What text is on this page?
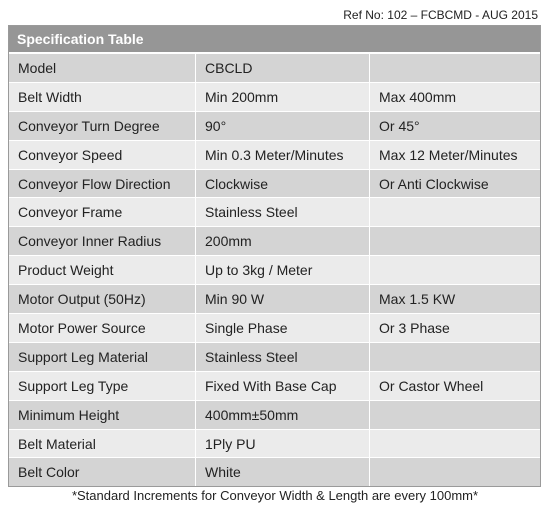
Ref No: 102 – FCBCMD - AUG 2015
Specification Table
Model	CBCLD
Belt Width	Min 200mm	Max 400mm
Conveyor Turn Degree	90°	Or 45°
Conveyor Speed	Min 0.3 Meter/Minutes	Max 12 Meter/Minutes
Conveyor Flow Direction	Clockwise	Or Anti Clockwise
Conveyor Frame	Stainless Steel
Conveyor Inner Radius	200mm
Product Weight	Up to 3kg / Meter
Motor Output (50Hz)	Min 90 W	Max 1.5 KW
Motor Power Source	Single Phase	Or 3 Phase
Support Leg Material	Stainless Steel
Support Leg Type	Fixed With Base Cap	Or Castor Wheel
Minimum Height	400mm±50mm
Belt Material	1Ply PU
Belt Color	White
*Standard Increments for Conveyor Width & Length are every 100mm*
